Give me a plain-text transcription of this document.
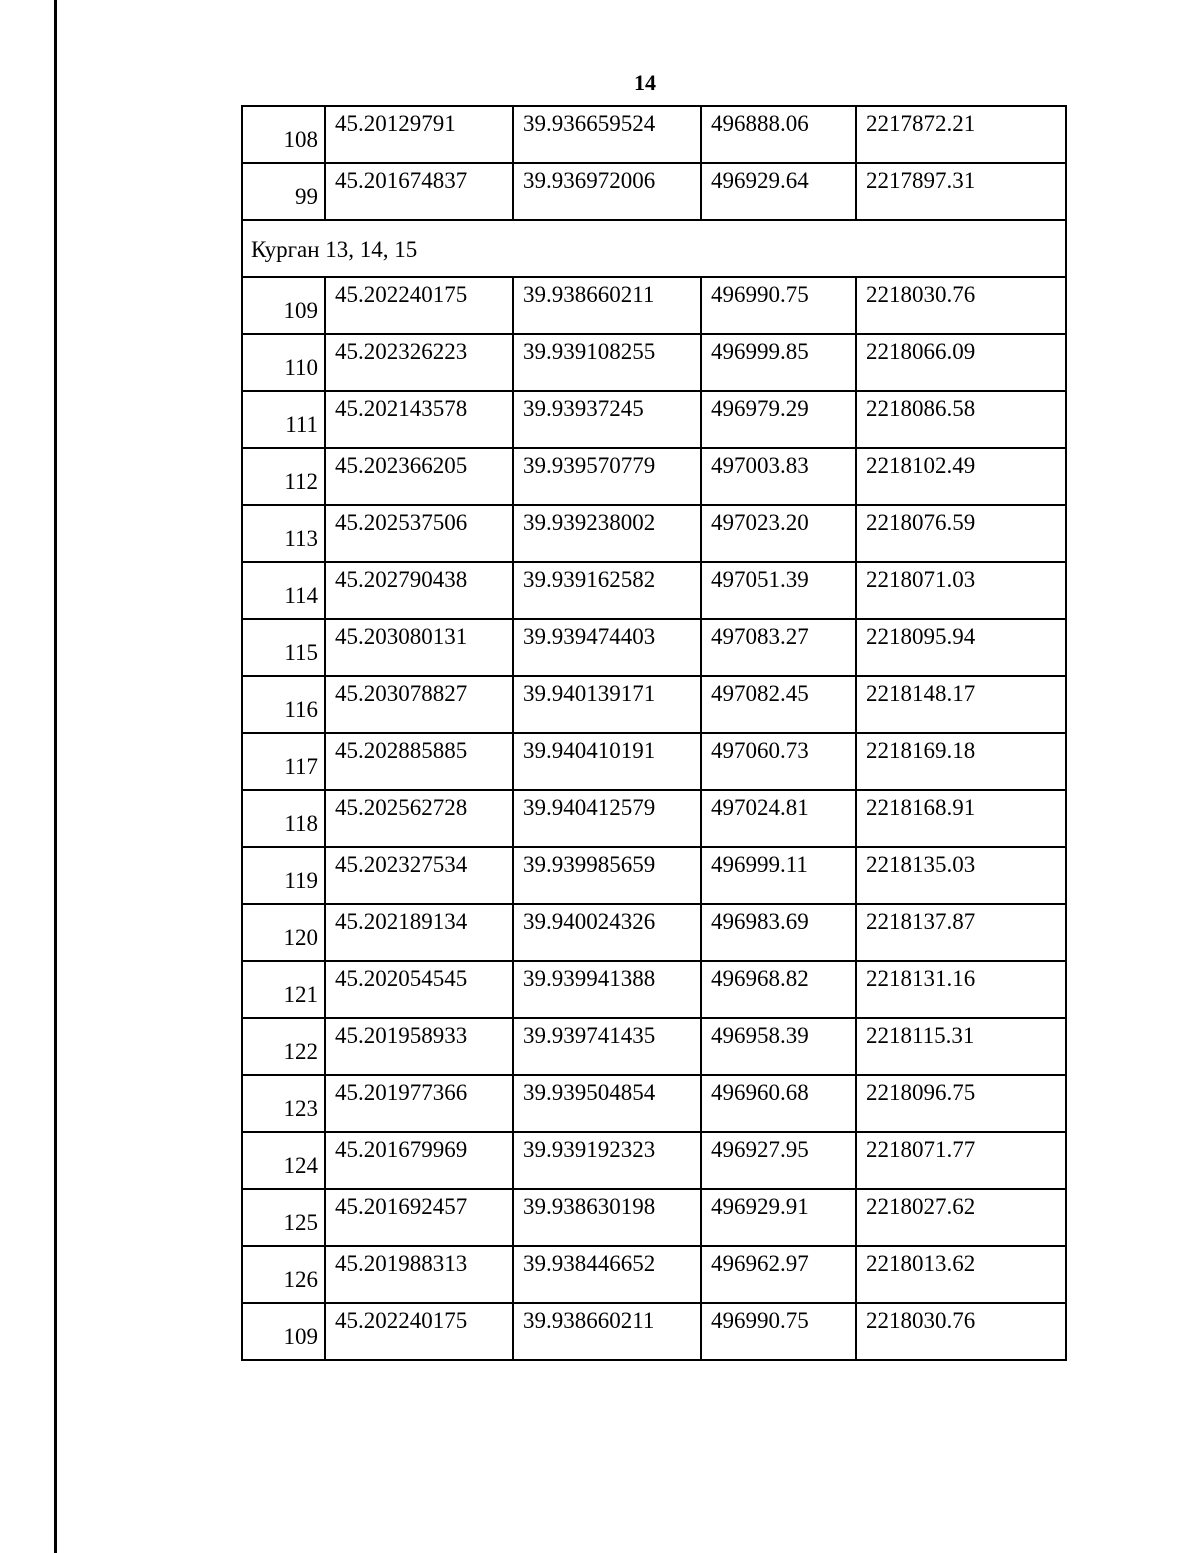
14
108	45.20129791	39.936659524	496888.06	2217872.21
99	45.201674837	39.936972006	496929.64	2217897.31
Курган 13, 14, 15				
109	45.202240175	39.938660211	496990.75	2218030.76
110	45.202326223	39.939108255	496999.85	2218066.09
111	45.202143578	39.93937245	496979.29	2218086.58
112	45.202366205	39.939570779	497003.83	2218102.49
113	45.202537506	39.939238002	497023.20	2218076.59
114	45.202790438	39.939162582	497051.39	2218071.03
115	45.203080131	39.939474403	497083.27	2218095.94
116	45.203078827	39.940139171	497082.45	2218148.17
117	45.202885885	39.940410191	497060.73	2218169.18
118	45.202562728	39.940412579	497024.81	2218168.91
119	45.202327534	39.939985659	496999.11	2218135.03
120	45.202189134	39.940024326	496983.69	2218137.87
121	45.202054545	39.939941388	496968.82	2218131.16
122	45.201958933	39.939741435	496958.39	2218115.31
123	45.201977366	39.939504854	496960.68	2218096.75
124	45.201679969	39.939192323	496927.95	2218071.77
125	45.201692457	39.938630198	496929.91	2218027.62
126	45.201988313	39.938446652	496962.97	2218013.62
109	45.202240175	39.938660211	496990.75	2218030.76
